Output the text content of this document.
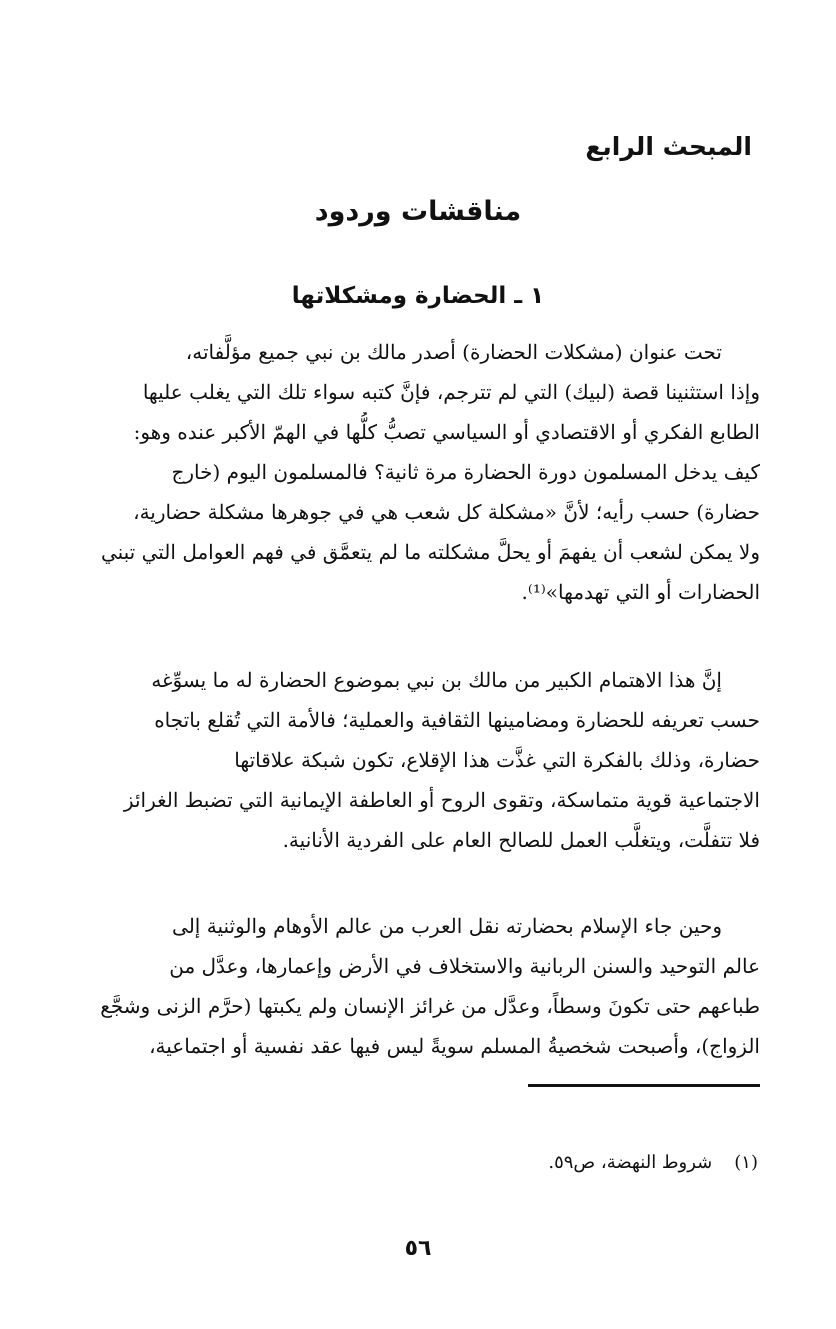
المبحث الرابع
مناقشات وردود
١ ـ الحضارة ومشكلاتها
تحت عنوان (مشكلات الحضارة) أصدر مالك بن نبي جميع مؤلَّفاته،
وإذا استثنينا قصة (لبيك) التي لم تترجم، فإنَّ كتبه سواء تلك التي يغلب عليها
الطابع الفكري أو الاقتصادي أو السياسي تصبُّ كلُّها في الهمّ الأكبر عنده وهو:
كيف يدخل المسلمون دورة الحضارة مرة ثانية؟ فالمسلمون اليوم (خارج
حضارة) حسب رأيه؛ لأنَّ «مشكلة كل شعب هي في جوهرها مشكلة حضارية،
ولا يمكن لشعب أن يفهمَ أو يحلَّ مشكلته ما لم يتعمَّق في فهم العوامل التي تبني
الحضارات أو التي تهدمها»⁽¹⁾.
إنَّ هذا الاهتمام الكبير من مالك بن نبي بموضوع الحضارة له ما يسوِّغه
حسب تعريفه للحضارة ومضامينها الثقافية والعملية؛ فالأمة التي تُقلع باتجاه
حضارة، وذلك بالفكرة التي غذَّت هذا الإقلاع، تكون شبكة علاقاتها
الاجتماعية قوية متماسكة، وتقوى الروح أو العاطفة الإيمانية التي تضبط الغرائز
فلا تتفلَّت، ويتغلَّب العمل للصالح العام على الفردية الأنانية.
وحين جاء الإسلام بحضارته نقل العرب من عالم الأوهام والوثنية إلى
عالم التوحيد والسنن الربانية والاستخلاف في الأرض وإعمارها، وعدَّل من
طباعهم حتى تكونَ وسطاً، وعدَّل من غرائز الإنسان ولم يكبتها (حرَّم الزنى وشجَّع
الزواج)، وأصبحت شخصيةُ المسلم سويةً ليس فيها عقد نفسية أو اجتماعية،
(١)شروط النهضة، ص٥٩.
٥٦
